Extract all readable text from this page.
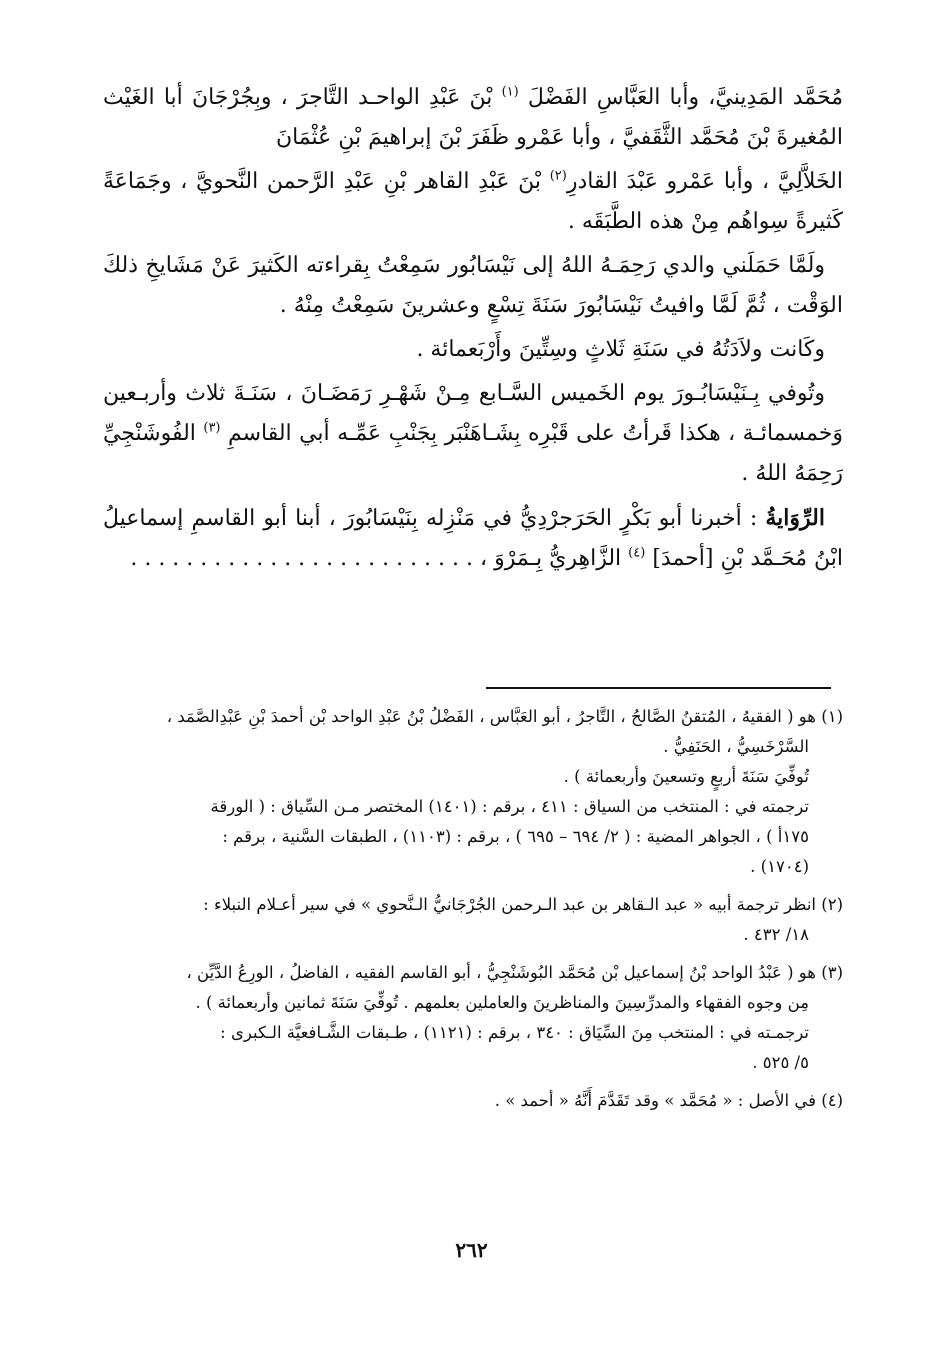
مُحَمَّد المَدِينيَّ، وأبا العَبَّاسِ الفَضْلَ $^{(١)}$ بْنَ عَبْدِ الواحـد التَّاجرَ ، وبِجُرْجَانَ أبا الغَيْث المُغيرةَ بْنَ مُحَمَّد الثَّقَفيَّ ، وأبا عَمْرو ظَفَرَ بْنَ إبراهيمَ بْنِ عُثْمَانَ

الخَلاَّلِيَّ ، وأبا عَمْرو عَبْدَ القادرِ$^{(٢)}$ بْنَ عَبْدِ القاهر بْنِ عَبْدِ الرَّحمن النَّحويَّ ، وجَمَاعَةً كَثيرةً سِواهُم مِنْ هذه الطَّبَقَه .

ولَمَّا حَمَلَني والدي رَحِمَـهُ اللهُ إلى نَيْسَابُور سَمِعْتُ بِقراءته الكَثيرَ عَنْ مَشَايخِ ذلكَ الوَقْت ، ثُمَّ لَمَّا وافيتُ نَيْسَابُورَ سَنَةَ تِسْعٍ وعشرينَ سَمِعْتُ مِنْهُ .

وكَانت ولاَدَتُهُ في سَنَةِ ثَلاثٍ وسِتِّينَ وأَرْبَعمائة .

وتُوفي بِـنَيْسَابُـورَ يوم الخَميس السَّـابع مِـنْ شَهْـرِ رَمَضَـانَ ، سَنَـةَ ثلاث وأربـعين وَخمسمائـة ، هكذا قَرأتُ على قَبْرِه بِشَـاهَنْبَر بِجَنْبِ عَمِّـه أبي القاسمِ $^{(٣)}$ الفُوشَنْجِيِّ رَحِمَهُ اللهُ .

الرِّوَايةُ : أخبرنا أبو بَكْرٍ الحَرَجرْدِيُّ في مَنْزِله بِنَيْسَابُورَ ، أبنا أبو القاسمِ إسماعيلُ ابْنُ مُحَـمَّد بْنِ [أحمدَ] $^{(٤)}$ الزَّاهِريُّ بِـمَرْوَ ، . . . . . . . . . . . . . . . . . . . . . . . . .

(١) هو ( الفقيهُ ، المُتقنُ الصَّالحُ ، التَّاجرُ ، أبو العَبَّاس ، الفَضْلُ بْنُ عَبْدِ الواحد بْن أحمدَ بْنِ عَبْدِالصَّمَد ،
السَّرْخَسِيُّ ، الحَنَفِيُّ .
تُوفِّيَ سَنَةَ أربعٍ وتسعينَ وأربعمائة ) .
ترجمته في : المنتخب من السياق : ٤١١ ، برقم : (١٤٠١) المختصر مـن السِّياق : ( الورقة
١٧٥أ ) ، الجواهر المضية : ( ٢/ ٦٩٤ – ٦٩٥ ) ، برقم : (١١٠٣) ، الطبقات السَّنية ، برقم :
(١٧٠٤) .
(٢) انظر ترجمة أبيه « عبد الـقاهر بن عبد الـرحمن الجُرْجَانيُّ الـنَّحوي » في سير أعـلام النبلاء :
١٨/ ٤٣٢ .
(٣) هو ( عَبْدُ الواحد بْنُ إسماعيل بْن مُحَمَّد البُوشَنْجِيُّ ، أبو القاسم الفقيه ، الفاضلُ ، الورِعُ الدَّيِّن ،
مِن وجوه الفقهاء والمدرِّسِينَ والمناظرينَ والعاملين بعلمهم . تُوفِّيَ سَنَةَ ثمانين وأربعمائة ) .
ترجمـته في : المنتخب مِنَ السِّيَاق : ٣٤٠ ، برقم : (١١٢١) ، طـبقات الشَّـافعيَّة الـكبرى :
٥/ ٥٢٥ .
(٤) في الأصل : « مُحَمَّد » وقد تَقَدَّمَ أَنَّهُ « أحمد » .
٢٦٢
